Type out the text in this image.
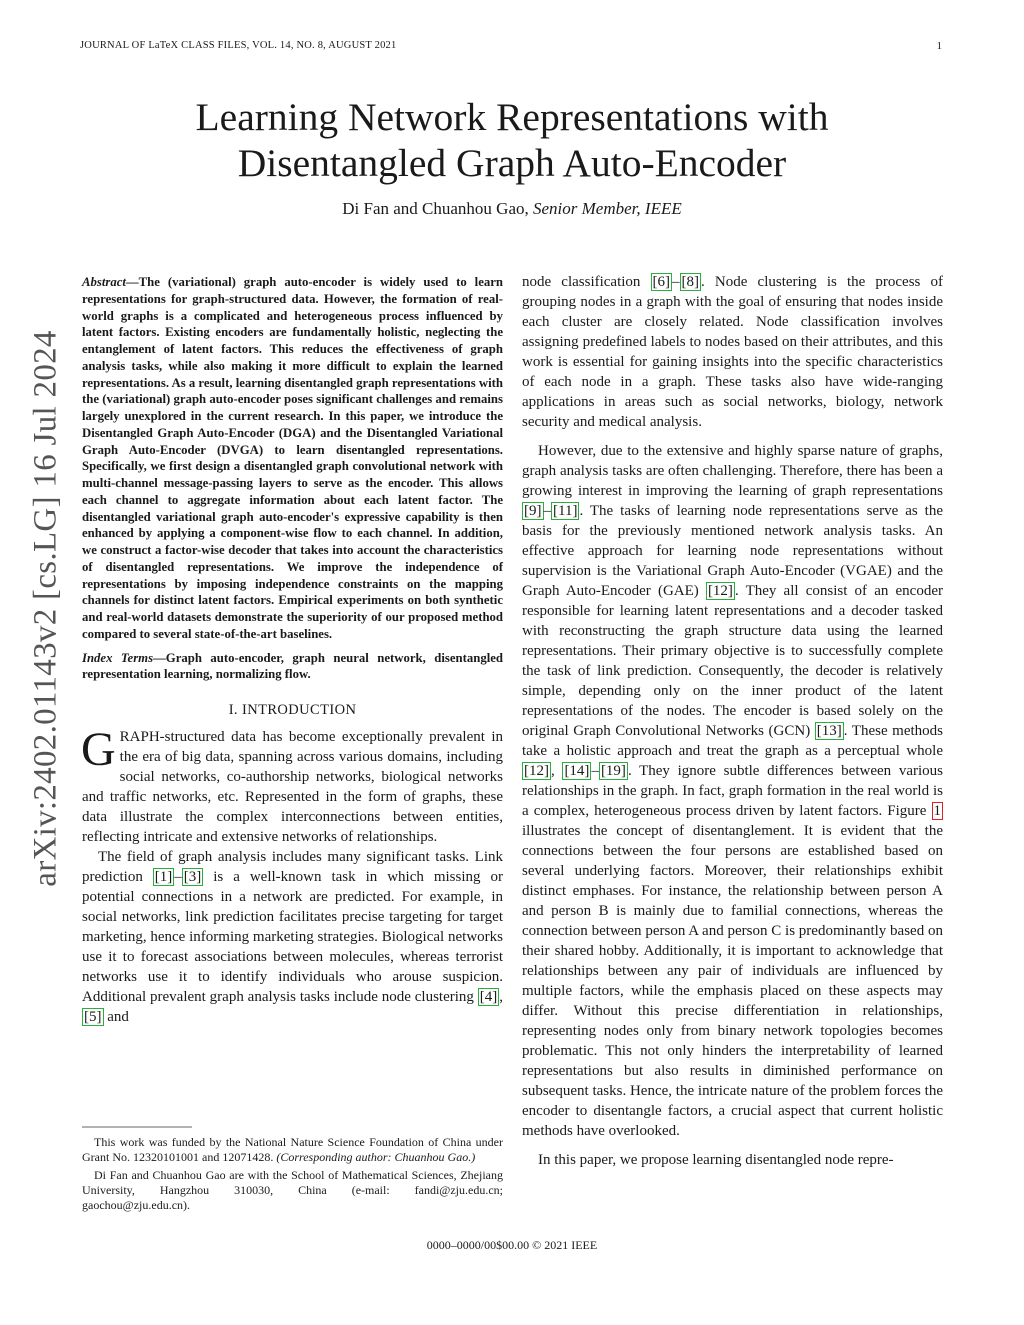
JOURNAL OF LaTeX CLASS FILES, VOL. 14, NO. 8, AUGUST 2021	1
arXiv:2402.01143v2 [cs.LG] 16 Jul 2024
Learning Network Representations with
Disentangled Graph Auto-Encoder
Di Fan and Chuanhou Gao, Senior Member, IEEE

Abstract—The (variational) graph auto-encoder is widely used to learn representations for graph-structured data. However, the formation of real-world graphs is a complicated and heterogeneous process influenced by latent factors. Existing encoders are fundamentally holistic, neglecting the entanglement of latent factors. This reduces the effectiveness of graph analysis tasks, while also making it more difficult to explain the learned representations. As a result, learning disentangled graph representations with the (variational) graph auto-encoder poses significant challenges and remains largely unexplored in the current research. In this paper, we introduce the Disentangled Graph Auto-Encoder (DGA) and the Disentangled Variational Graph Auto-Encoder (DVGA) to learn disentangled representations. Specifically, we first design a disentangled graph convolutional network with multi-channel message-passing layers to serve as the encoder. This allows each channel to aggregate information about each latent factor. The disentangled variational graph auto-encoder's expressive capability is then enhanced by applying a component-wise flow to each channel. In addition, we construct a factor-wise decoder that takes into account the characteristics of disentangled representations. We improve the independence of representations by imposing independence constraints on the mapping channels for distinct latent factors. Empirical experiments on both synthetic and real-world datasets demonstrate the superiority of our proposed method compared to several state-of-the-art baselines.

Index Terms—Graph auto-encoder, graph neural network, disentangled representation learning, normalizing flow.

I. INTRODUCTION

GRAPH-structured data has become exceptionally prevalent in the era of big data, spanning across various domains, including social networks, co-authorship networks, biological networks and traffic networks, etc. Represented in the form of graphs, these data illustrate the complex interconnections between entities, reflecting intricate and extensive networks of relationships.

The field of graph analysis includes many significant tasks. Link prediction [1] – [3] is a well-known task in which missing or potential connections in a network are predicted. For example, in social networks, link prediction facilitates precise targeting for target marketing, hence informing marketing strategies. Biological networks use it to forecast associations between molecules, whereas terrorist networks use it to identify individuals who arouse suspicion. Additional prevalent graph analysis tasks include node clustering [4] , [5] and

This work was funded by the National Nature Science Foundation of China under Grant No. 12320101001 and 12071428. (Corresponding author: Chuanhou Gao.)

Di Fan and Chuanhou Gao are with the School of Mathematical Sciences, Zhejiang University, Hangzhou 310030, China (e-mail: fandi@zju.edu.cn; gaochou@zju.edu.cn).

node classification [6] – [8] . Node clustering is the process of grouping nodes in a graph with the goal of ensuring that nodes inside each cluster are closely related. Node classification involves assigning predefined labels to nodes based on their attributes, and this work is essential for gaining insights into the specific characteristics of each node in a graph. These tasks also have wide-ranging applications in areas such as social networks, biology, network security and medical analysis.

However, due to the extensive and highly sparse nature of graphs, graph analysis tasks are often challenging. Therefore, there has been a growing interest in improving the learning of graph representations [9] – [11] . The tasks of learning node representations serve as the basis for the previously mentioned network analysis tasks. An effective approach for learning node representations without supervision is the Variational Graph Auto-Encoder (VGAE) and the Graph Auto-Encoder (GAE) [12] . They all consist of an encoder responsible for learning latent representations and a decoder tasked with reconstructing the graph structure data using the learned representations. Their primary objective is to successfully complete the task of link prediction. Consequently, the decoder is relatively simple, depending only on the inner product of the latent representations of the nodes. The encoder is based solely on the original Graph Convolutional Networks (GCN) [13] . These methods take a holistic approach and treat the graph as a perceptual whole [12] , [14] – [19] . They ignore subtle differences between various relationships in the graph. In fact, graph formation in the real world is a complex, heterogeneous process driven by latent factors. Figure 1 illustrates the concept of disentanglement. It is evident that the connections between the four persons are established based on several underlying factors. Moreover, their relationships exhibit distinct emphases. For instance, the relationship between person A and person B is mainly due to familial connections, whereas the connection between person A and person C is predominantly based on their shared hobby. Additionally, it is important to acknowledge that relationships between any pair of individuals are influenced by multiple factors, while the emphasis placed on these aspects may differ. Without this precise differentiation in relationships, representing nodes only from binary network topologies becomes problematic. This not only hinders the interpretability of learned representations but also results in diminished performance on subsequent tasks. Hence, the intricate nature of the problem forces the encoder to disentangle factors, a crucial aspect that current holistic methods have overlooked.

In this paper, we propose learning disentangled node repre-

0000–0000/00$00.00 © 2021 IEEE
